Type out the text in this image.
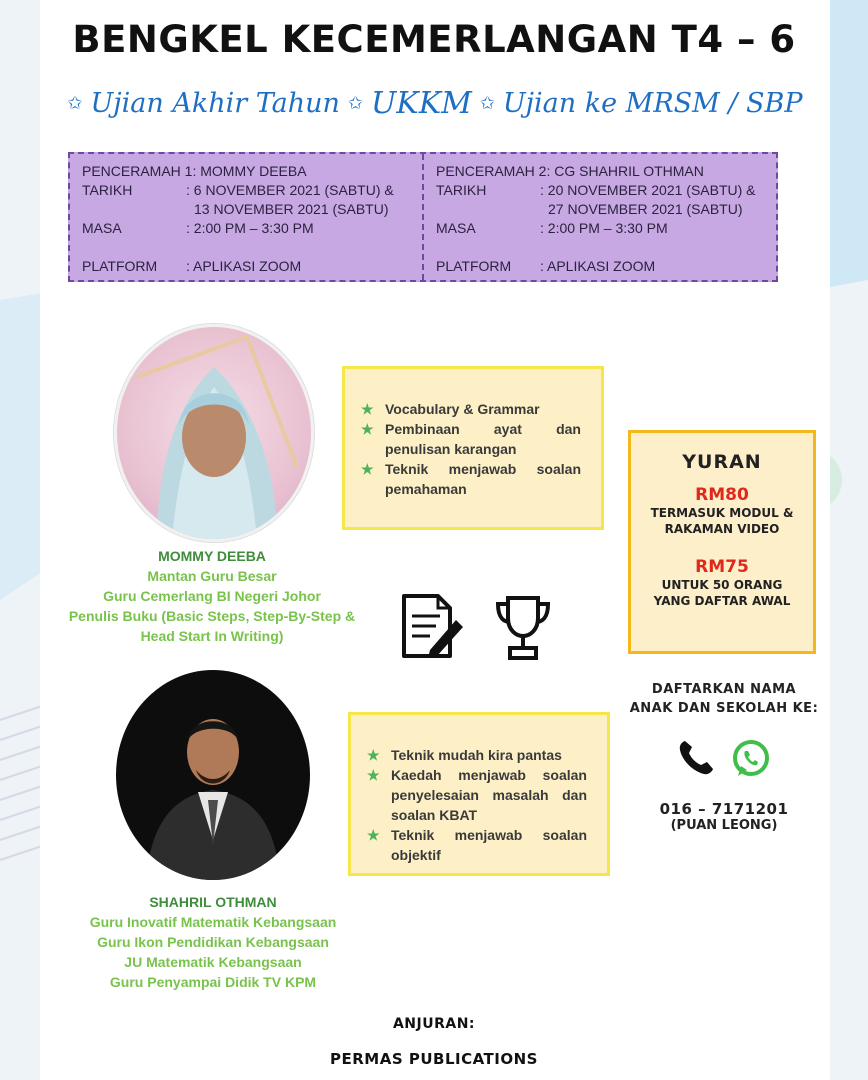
BENGKEL KECEMERLANGAN T4 – 6
✩ Ujian Akhir Tahun ✩ UKKM ✩ Ujian ke MRSM / SBP
PENCERAMAH 1: MOMMY DEEBA
TARIKH	: 6 NOVEMBER 2021 (SABTU) &
13 NOVEMBER 2021 (SABTU)
MASA	: 2:00 PM – 3:30 PM
PLATFORM	: APLIKASI ZOOM
PENCERAMAH 2: CG SHAHRIL OTHMAN
TARIKH	: 20 NOVEMBER 2021 (SABTU) &
27 NOVEMBER 2021 (SABTU)
MASA	: 2:00 PM – 3:30 PM
PLATFORM	: APLIKASI ZOOM
★ Vocabulary & Grammar
★ Pembinaan ayat dan penulisan karangan
★ Teknik menjawab soalan pemahaman
★ Teknik mudah kira pantas
★ Kaedah menjawab soalan penyelesaian masalah dan soalan KBAT
★ Teknik menjawab soalan objektif
MOMMY DEEBA
Mantan Guru Besar
Guru Cemerlang BI Negeri Johor
Penulis Buku (Basic Steps, Step-By-Step &
Head Start In Writing)
SHAHRIL OTHMAN
Guru Inovatif Matematik Kebangsaan
Guru Ikon Pendidikan Kebangsaan
JU Matematik Kebangsaan
Guru Penyampai Didik TV KPM
YURAN
RM80
TERMASUK MODUL &
RAKAMAN VIDEO
RM75
UNTUK 50 ORANG
YANG DAFTAR AWAL
DAFTARKAN NAMA
ANAK DAN SEKOLAH KE:
016 – 7171201
(PUAN LEONG)
ANJURAN:
PERMAS PUBLICATIONS
